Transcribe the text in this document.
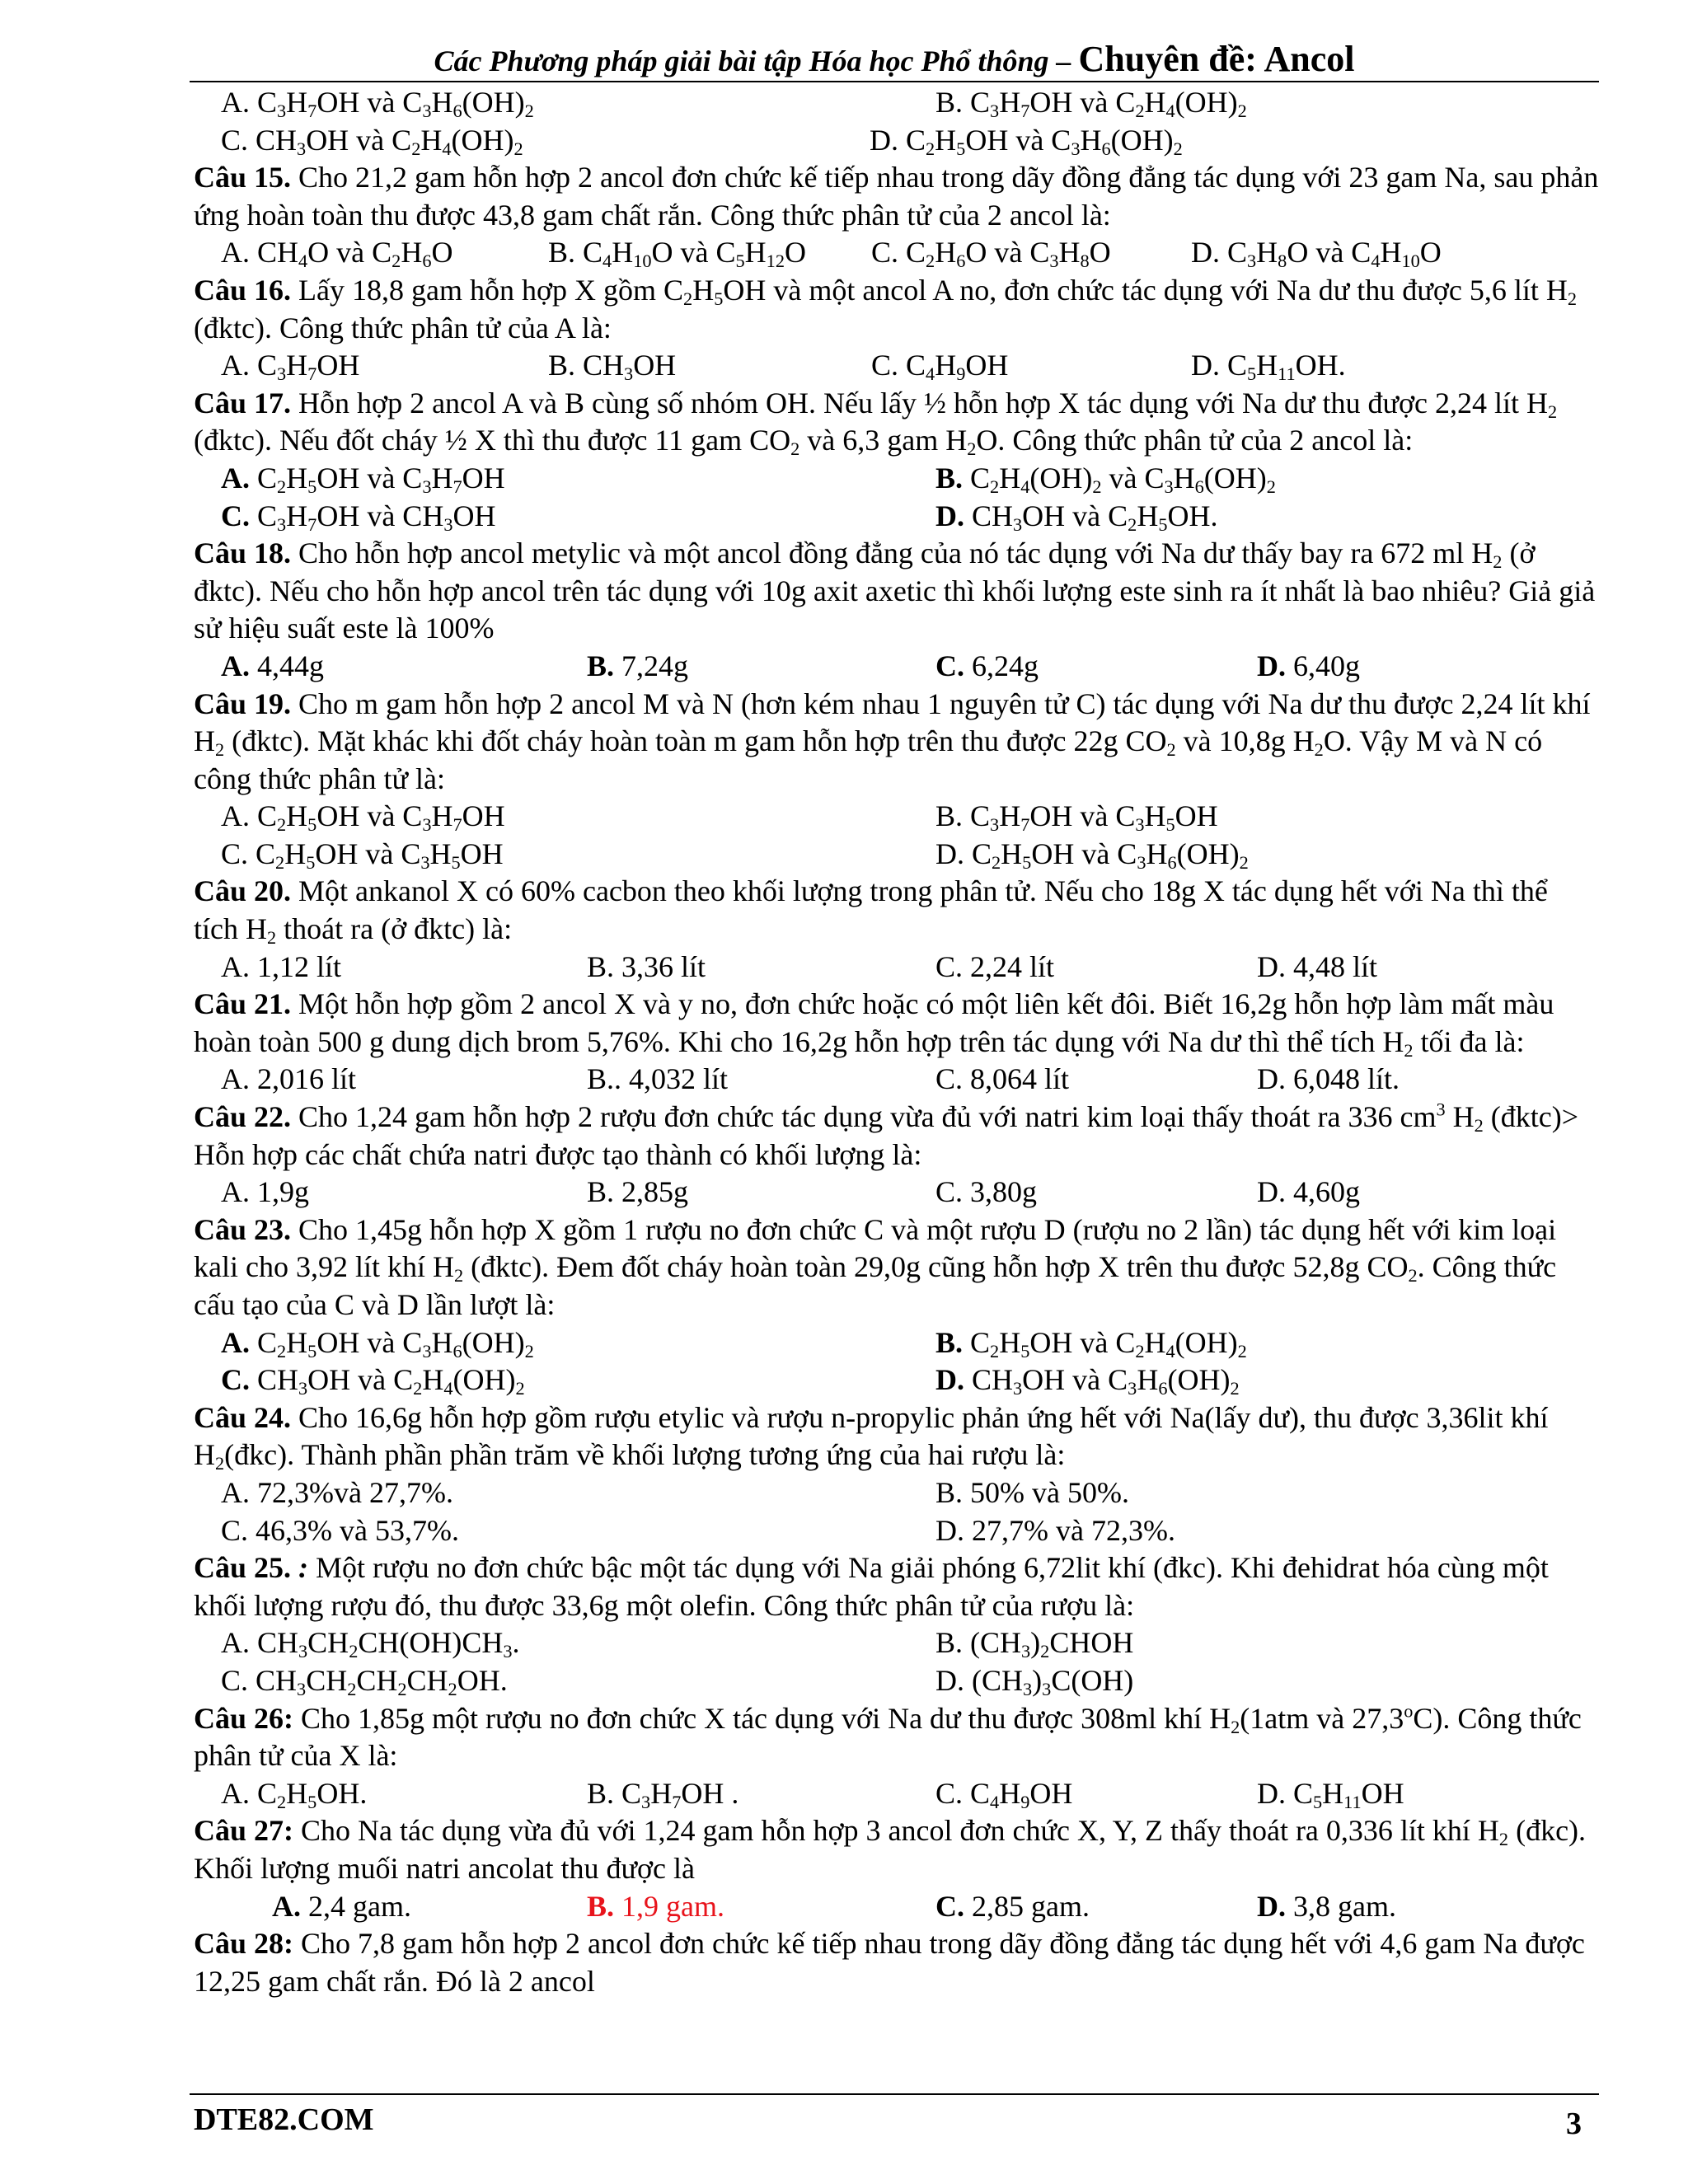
Các Phương pháp giải bài tập Hóa học Phổ thông – Chuyên đề: Ancol
A. $C_3H_7OH$ và $C_3H_6(OH)_2$	B. $C_3H_7OH$ và $C_2H_4(OH)_2$
C. $CH_3OH$ và $C_2H_4(OH)_2$	D. $C_2H_5OH$ và $C_3H_6(OH)_2$
Câu 15. Cho 21,2 gam hỗn hợp 2 ancol đơn chức kế tiếp nhau trong dãy đồng đẳng tác dụng với 23 gam Na, sau phản ứng hoàn toàn thu được 43,8 gam chất rắn. Công thức phân tử của 2 ancol là:
A. $CH_4O$ và $C_2H_6O$	B. $C_4H_{10}O$ và $C_5H_{12}O$ C. $C_2H_6O$ và $C_3H_8O$	D. $C_3H_8O$ và $C_4H_{10}O$
Câu 16. Lấy 18,8 gam hỗn hợp X gồm $C_2H_5OH$ và một ancol A no, đơn chức tác dụng với Na dư thu được 5,6 lít $H_2$ (đktc). Công thức phân tử của A là:
A. $C_3H_7OH$	B. $CH_3OH$	C. $C_4H_9OH$	D. $C_5H_{11}OH$.
Câu 17. Hỗn hợp 2 ancol A và B cùng số nhóm OH. Nếu lấy ½ hỗn hợp X tác dụng với Na dư thu được 2,24 lít $H_2$ (đktc). Nếu đốt cháy ½ X thì thu được 11 gam $CO_2$ và 6,3 gam $H_2O$. Công thức phân tử của 2 ancol là:
A. $C_2H_5OH$ và $C_3H_7OH$	B. $C_2H_4(OH)_2$ và $C_3H_6(OH)_2$
C. $C_3H_7OH$ và $CH_3OH$	D. $CH_3OH$ và $C_2H_5OH$.
Câu 18. Cho hỗn hợp ancol metylic và một ancol đồng đẳng của nó tác dụng với Na dư thấy bay ra 672 ml $H_2$ (ở đktc). Nếu cho hỗn hợp ancol trên tác dụng với 10g axit axetic thì khối lượng este sinh ra ít nhất là bao nhiêu? Giả giả sử hiệu suất este là 100%
A. 4,44g	B. 7,24g	C. 6,24g	D. 6,40g
Câu 19. Cho m gam hỗn hợp 2 ancol M và N (hơn kém nhau 1 nguyên tử C) tác dụng với Na dư thu được 2,24 lít khí $H_2$ (đktc). Mặt khác khi đốt cháy hoàn toàn m gam hỗn hợp trên thu được 22g $CO_2$ và 10,8g $H_2O$. Vậy M và N có công thức phân tử là:
A. $C_2H_5OH$ và $C_3H_7OH$	B. $C_3H_7OH$ và $C_3H_5OH$
C. $C_2H_5OH$ và $C_3H_5OH$	D. $C_2H_5OH$ và $C_3H_6(OH)_2$
Câu 20. Một ankanol X có 60% cacbon theo khối lượng trong phân tử. Nếu cho 18g X tác dụng hết với Na thì thể tích $H_2$ thoát ra (ở đktc) là:
A. 1,12 lít	B. 3,36 lít	C. 2,24 lít	D. 4,48 lít
Câu 21. Một hỗn hợp gồm 2 ancol X và y no, đơn chức hoặc có một liên kết đôi. Biết 16,2g hỗn hợp làm mất màu hoàn toàn 500 g dung dịch brom 5,76%. Khi cho 16,2g hỗn hợp trên tác dụng với Na dư thì thể tích $H_2$ tối đa là:
A. 2,016 lít	B.. 4,032 lít	C. 8,064 lít	D. 6,048 lít.
Câu 22. Cho 1,24 gam hỗn hợp 2 rượu đơn chức tác dụng vừa đủ với natri kim loại thấy thoát ra 336 $cm^3$ $H_2$ (đktc)> Hỗn hợp các chất chứa natri được tạo thành có khối lượng là:
A. 1,9g	B. 2,85g	C. 3,80g	D. 4,60g
Câu 23. Cho 1,45g hỗn hợp X gồm 1 rượu no đơn chức C và một rượu D (rượu no 2 lần) tác dụng hết với kim loại kali cho 3,92 lít khí $H_2$ (đktc). Đem đốt cháy hoàn toàn 29,0g cũng hỗn hợp X trên thu được 52,8g $CO_2$. Công thức cấu tạo của C và D lần lượt là:
A. $C_2H_5OH$ và $C_3H_6(OH)_2$	B. $C_2H_5OH$ và $C_2H_4(OH)_2$
C. $CH_3OH$ và $C_2H_4(OH)_2$	D. $CH_3OH$ và $C_3H_6(OH)_2$
Câu 24. Cho 16,6g hỗn hợp gồm rượu etylic và rượu n-propylic phản ứng hết với Na(lấy dư), thu được 3,36lit khí $H_2(đkc)$. Thành phần phần trăm về khối lượng tương ứng của hai rượu là:
A. 72,3%và 27,7%.	B. 50% và 50%.
C. 46,3% và 53,7%.	D. 27,7% và 72,3%.
Câu 25. : Một rượu no đơn chức bậc một tác dụng với Na giải phóng 6,72lit khí (đkc). Khi đehidrat hóa cùng một khối lượng rượu đó, thu được 33,6g một olefin. Công thức phân tử của rượu là:
A. $CH_3CH_2CH(OH)CH_3$.	B. $(CH_3)_2CHOH$
C. $CH_3CH_2CH_2CH_2OH$.	D. $(CH_3)_3C(OH)$
Câu 26: Cho 1,85g một rượu no đơn chức X tác dụng với Na dư thu được 308ml khí $H_2(1atm$ và 27,3$^o$C). Công thức phân tử của X là:
A. $C_2H_5OH$.	B. $C_3H_7OH$ .	C. $C_4H_9OH$	D. $C_5H_{11}OH$
Câu 27: Cho Na tác dụng vừa đủ với 1,24 gam hỗn hợp 3 ancol đơn chức X, Y, Z thấy thoát ra 0,336 lít khí $H_2$ (đkc). Khối lượng muối natri ancolat thu được là
A. 2,4 gam.	B. 1,9 gam.	C. 2,85 gam.	D. 3,8 gam.
Câu 28: Cho 7,8 gam hỗn hợp 2 ancol đơn chức kế tiếp nhau trong dãy đồng đẳng tác dụng hết với 4,6 gam Na được 12,25 gam chất rắn. Đó là 2 ancol
DTE82.COM	3
